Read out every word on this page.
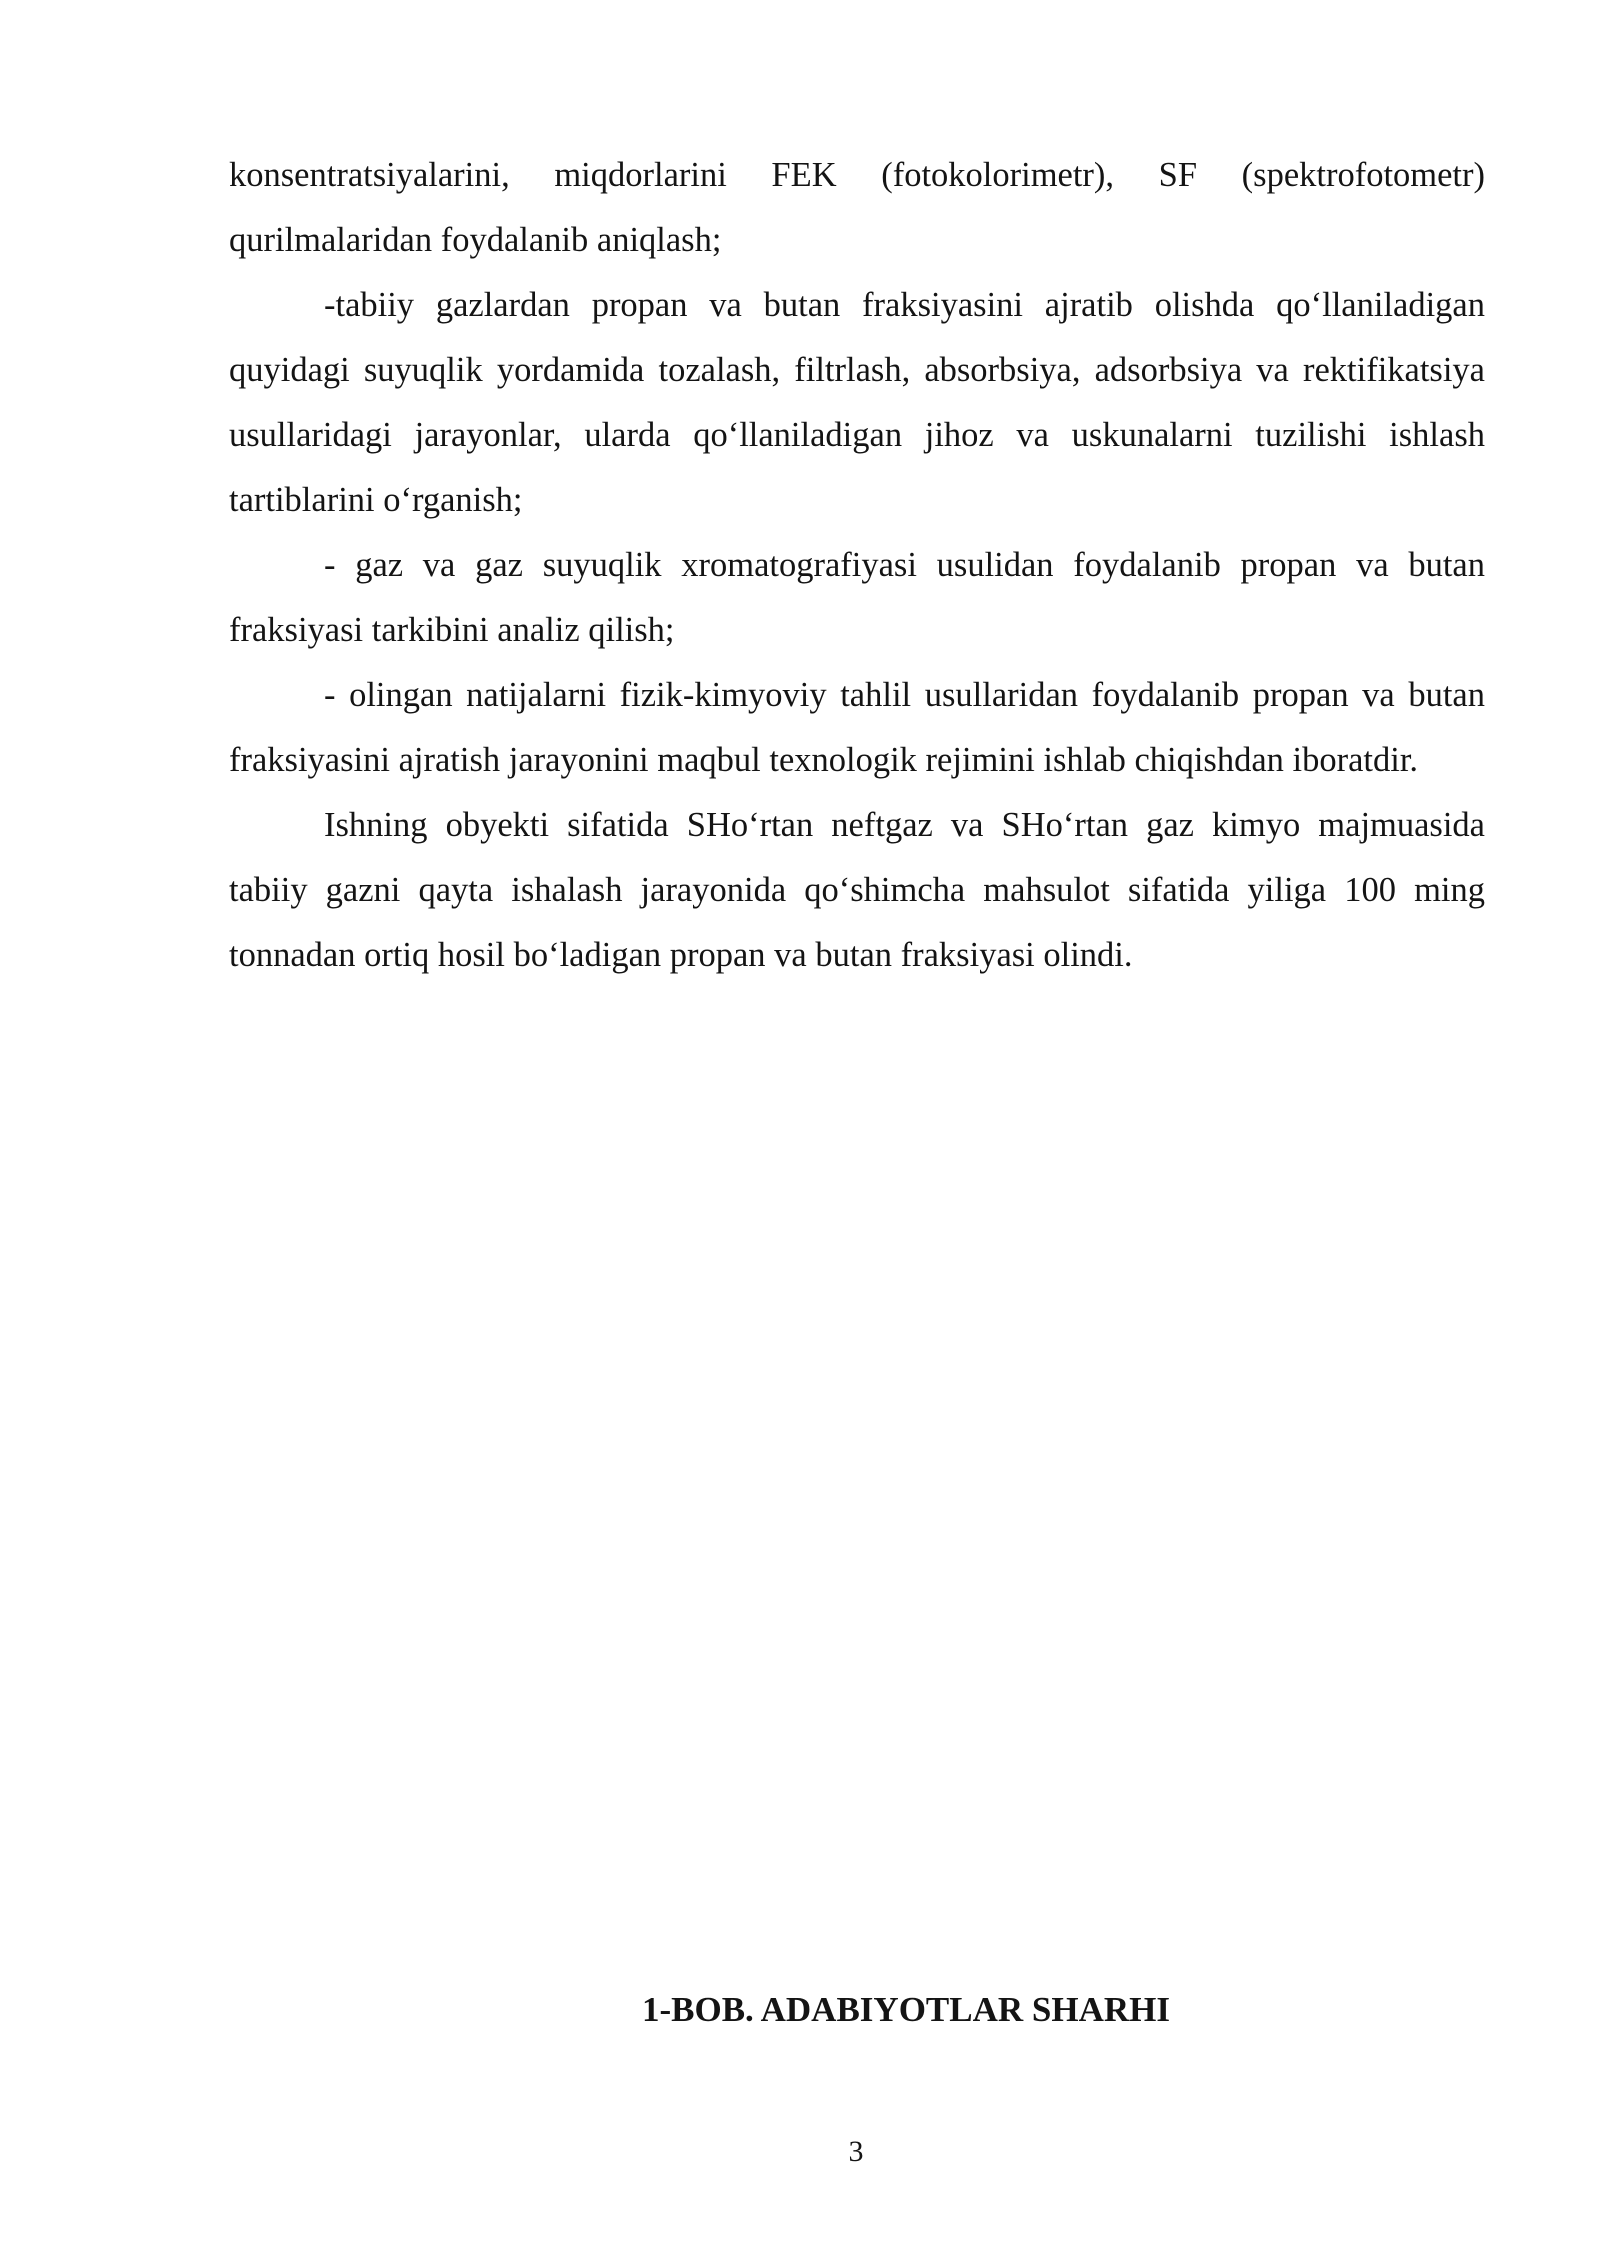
konsentratsiyalarini, miqdorlarini FEK (fotokolorimetr), SF (spektrofotometr) qurilmalaridan foydalanib aniqlash;

-tabiiy gazlardan propan va butan fraksiyasini ajratib olishda qo‘llaniladigan quyidagi suyuqlik yordamida tozalash, filtrlash, absorbsiya, adsorbsiya va rektifikatsiya usullaridagi jarayonlar, ularda qo‘llaniladigan jihoz va uskunalarni tuzilishi ishlash tartiblarini o‘rganish;

- gaz va gaz suyuqlik xromatografiyasi usulidan foydalanib propan va butan fraksiyasi tarkibini analiz qilish;

- olingan natijalarni fizik-kimyoviy tahlil usullaridan foydalanib propan va butan fraksiyasini ajratish jarayonini maqbul texnologik rejimini ishlab chiqishdan iboratdir.

Ishning obyekti sifatida SHo‘rtan neftgaz va SHo‘rtan gaz kimyo majmuasida tabiiy gazni qayta ishalash jarayonida qo‘shimcha mahsulot sifatida yiliga 100 ming tonnadan ortiq hosil bo‘ladigan propan va butan fraksiyasi olindi.

1-BOB. ADABIYOTLAR SHARHI
3
